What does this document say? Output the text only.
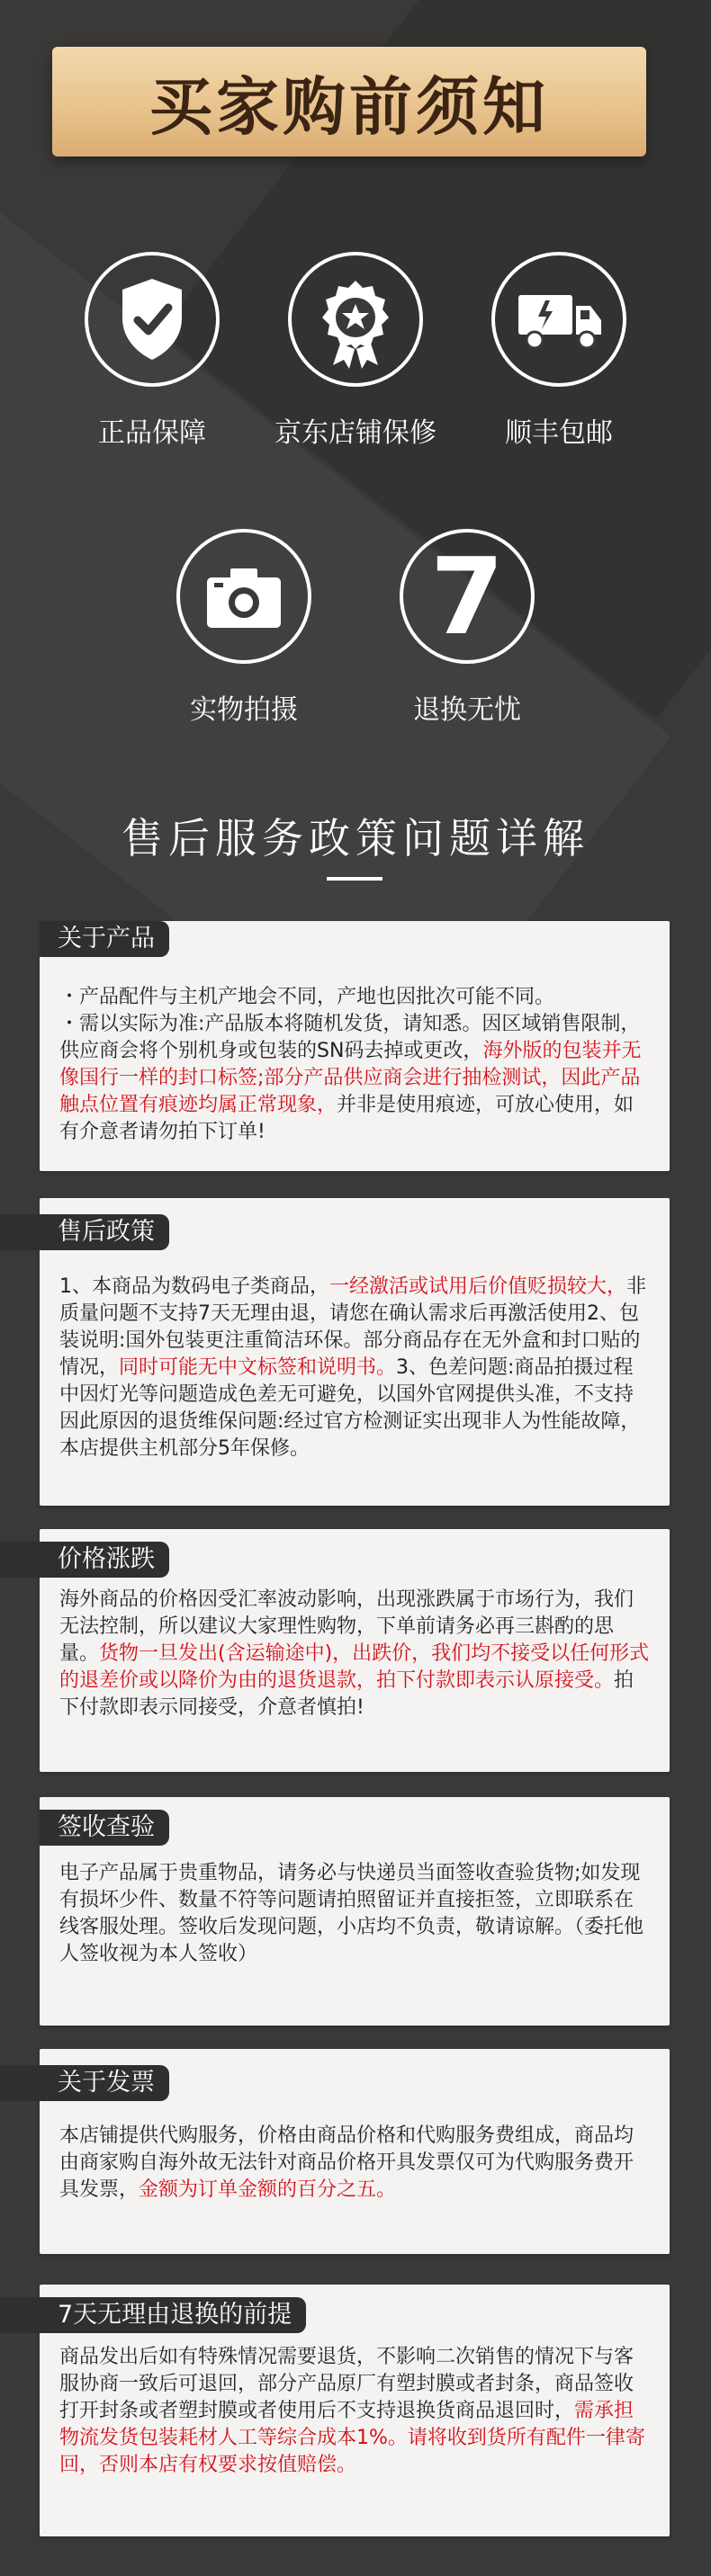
买家购前须知
正品保障	京东店铺保修	顺丰包邮
实物拍摄
7
退换无忧
售后服务政策问题详解
关于产品
・产品配件与主机产地会不同，产地也因批次可能不同。
・需以实际为准:产品版本将随机发货，请知悉。因区域销售限制，供应商会将个别机身或包装的SN码去掉或更改，海外版的包装并无像国行一样的封口标签;部分产品供应商会进行抽检测试，因此产品触点位置有痕迹均属正常现象，并非是使用痕迹，可放心使用，如有介意者请勿拍下订单!
售后政策
1、本商品为数码电子类商品，一经激活或试用后价值贬损较大，非质量问题不支持7天无理由退，请您在确认需求后再激活使用2、包装说明:国外包装更注重简洁环保。部分商品存在无外盒和封口贴的情况，同时可能无中文标签和说明书。3、色差问题:商品拍摄过程中因灯光等问题造成色差无可避免，以国外官网提供头准，不支持因此原因的退货维保问题:经过官方检测证实出现非人为性能故障，本店提供主机部分5年保修。
价格涨跌
海外商品的价格因受汇率波动影响，出现涨跌属于市场行为，我们无法控制，所以建议大家理性购物，下单前请务必再三斟酌的思量。货物一旦发出(含运输途中)，出跌价，我们均不接受以任何形式的退差价或以降价为由的退货退款，拍下付款即表示认原接受。拍下付款即表示同接受，介意者慎拍!
签收查验
电子产品属于贵重物品，请务必与快递员当面签收查验货物;如发现有损坏少件、数量不符等问题请拍照留证并直接拒签，立即联系在线客服处理。签收后发现问题，小店均不负责，敬请谅解。（委托他人签收视为本人签收）
关于发票
本店铺提供代购服务，价格由商品价格和代购服务费组成，商品均由商家购自海外故无法针对商品价格开具发票仅可为代购服务费开具发票，金额为订单金额的百分之五。
7天无理由退换的前提
商品发出后如有特殊情况需要退货，不影响二次销售的情况下与客服协商一致后可退回，部分产品原厂有塑封膜或者封条，商品签收打开封条或者塑封膜或者使用后不支持退换货商品退回时，需承担物流发货包装耗材人工等综合成本1%。请将收到货所有配件一律寄回，否则本店有权要求按值赔偿。
